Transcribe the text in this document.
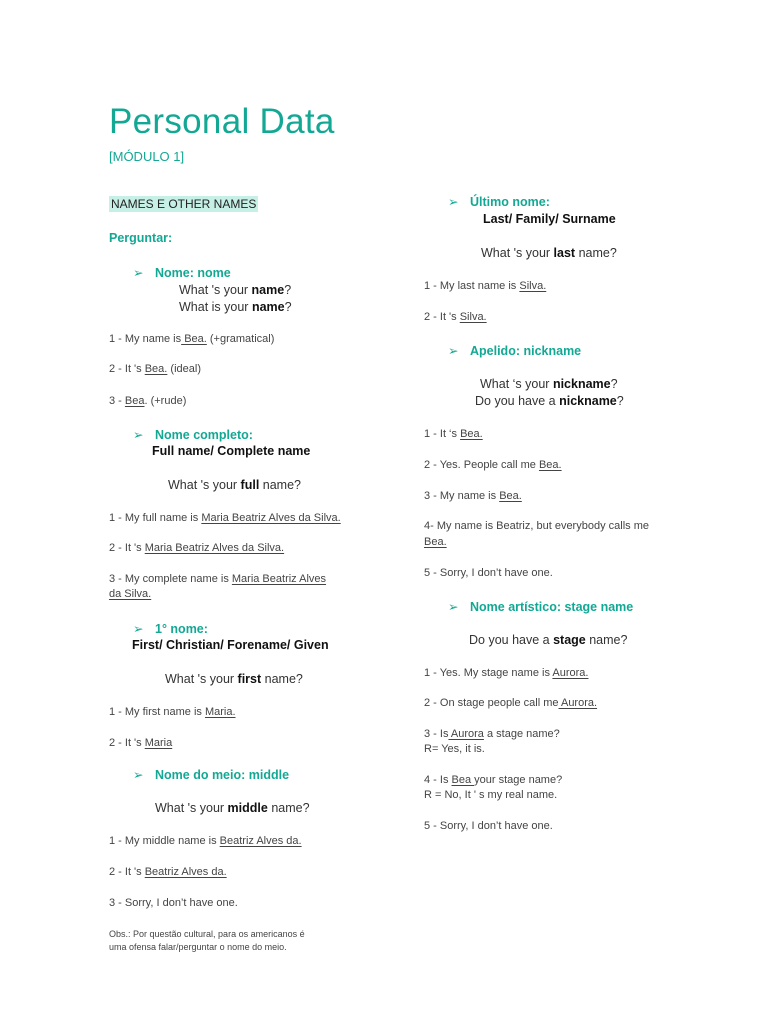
Personal Data
[MÓDULO 1]
NAMES E OTHER NAMES
Perguntar:
➢ Nome: nome
What 's your name?
What is your name?
1 - My name is Bea. (+gramatical)
2 - It 's Bea. (ideal)
3 - Bea. (+rude)
➢ Nome completo:
Full name/ Complete name
What 's your full name?
1 - My full name is Maria Beatriz Alves da Silva.
2 - It 's Maria Beatriz Alves da Silva.
3 - My complete name is Maria Beatriz Alves
da Silva.
➢ 1° nome:
First/ Christian/ Forename/ Given
What 's your first name?
1 - My first name is Maria.
2 - It 's Maria
➢ Nome do meio: middle
What 's your middle name?
1 - My middle name is Beatriz Alves da.
2 - It 's Beatriz Alves da.
3 - Sorry, I don’t have one.
Obs.: Por questão cultural, para os americanos é
uma ofensa falar/perguntar o nome do meio.
➢ Último nome:
Last/ Family/ Surname
What 's your last name?
1 - My last name is Silva.
2 - It 's Silva.
➢ Apelido: nickname
What ‘s your nickname?
Do you have a nickname?
1 - It ‘s Bea.
2 - Yes. People call me Bea.
3 - My name is Bea.
4- My name is Beatriz, but everybody calls me
Bea.
5 - Sorry, I don’t have one.
➢ Nome artístico: stage name
Do you have a stage name?
1 - Yes. My stage name is Aurora.
2 - On stage people call me Aurora.
3 - Is Aurora a stage name?
R= Yes, it is.
4 - Is Bea your stage name?
R = No, It ' s my real name.
5 - Sorry, I don’t have one.
